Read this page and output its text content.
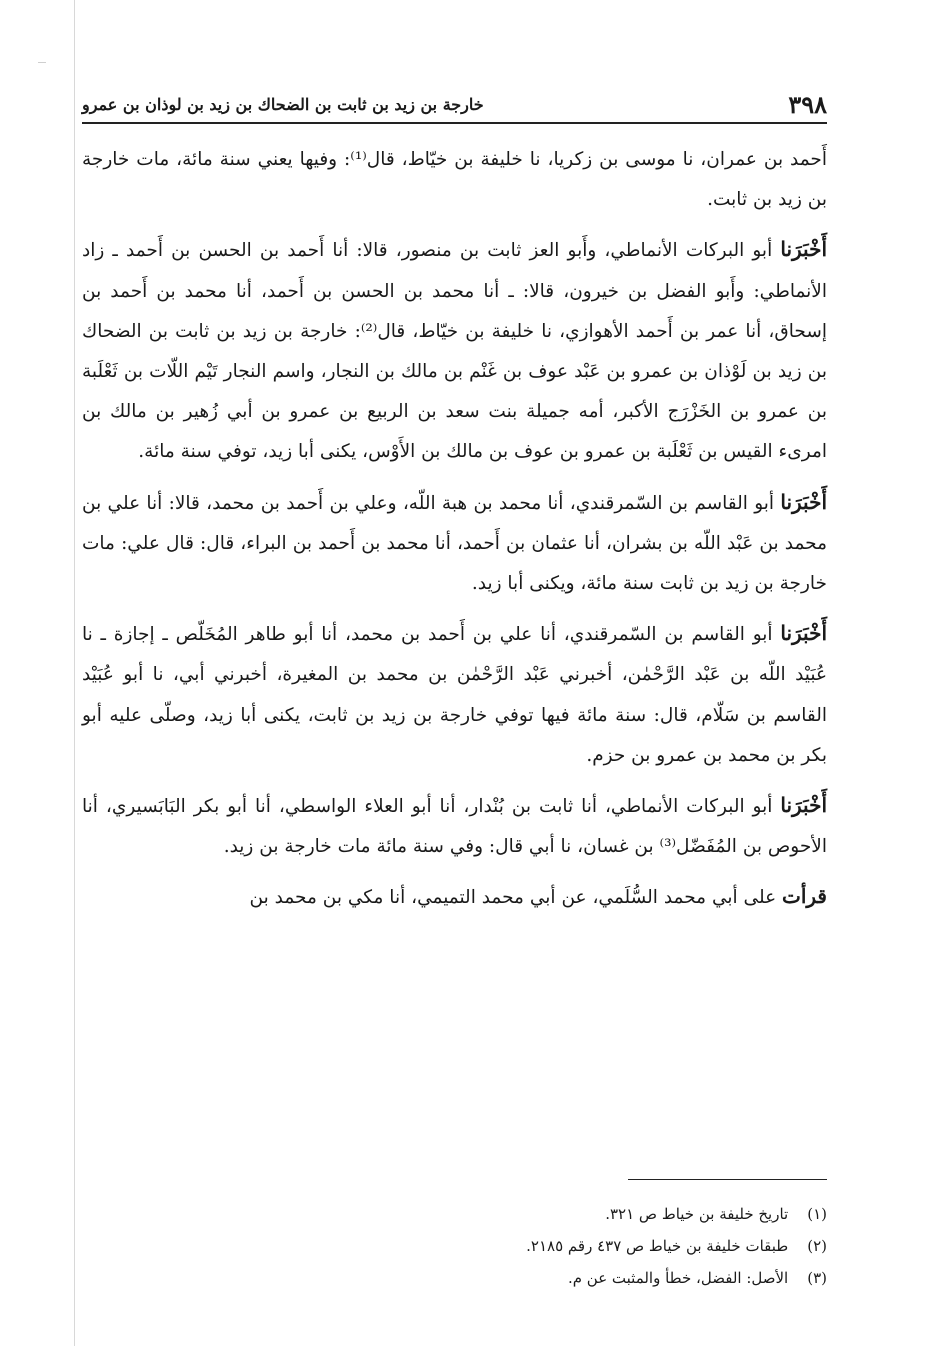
٣٩٨
خارجة بن زيد بن ثابت بن الضحاك بن زيد بن لوذان بن عمرو

أَحمد بن عمران، نا موسى بن زكريا، نا خليفة بن خيّاط، قال⁽¹⁾: وفيها يعني سنة مائة، مات خارجة بن زيد بن ثابت.

أَخْبَرَنا أبو البركات الأنماطي، وأَبو العز ثابت بن منصور، قالا: أنا أَحمد بن الحسن بن أَحمد ـ زاد الأنماطي: وأَبو الفضل بن خيرون، قالا: ـ أنا محمد بن الحسن بن أَحمد، أنا محمد بن أَحمد بن إسحاق، أنا عمر بن أَحمد الأهوازي، نا خليفة بن خيّاط، قال⁽²⁾: خارجة بن زيد بن ثابت بن الضحاك بن زيد بن لَوْذان بن عمرو بن عَبْد عوف بن غَنْم بن مالك بن النجار، واسم النجار تَيْم اللّات بن ثَعْلَبة بن عمرو بن الخَزْرَج الأكبر، أمه جميلة بنت سعد بن الربيع بن عمرو بن أبي زُهير بن مالك بن امرىء القيس بن ثَعْلَبة بن عمرو بن عوف بن مالك بن الأَوْس، يكنى أبا زيد، توفي سنة مائة.

أَخْبَرَنا أبو القاسم بن السّمرقندي، أنا محمد بن هبة اللّه، وعلي بن أَحمد بن محمد، قالا: أنا علي بن محمد بن عَبْد اللّه بن بشران، أنا عثمان بن أَحمد، أنا محمد بن أَحمد بن البراء، قال: قال علي: مات خارجة بن زيد بن ثابت سنة مائة، ويكنى أبا زيد.

أَخْبَرَنا أبو القاسم بن السّمرقندي، أنا علي بن أَحمد بن محمد، أنا أبو طاهر المُخَلّص ـ إجازة ـ نا عُبَيْد اللّه بن عَبْد الرَّحْمٰن، أخبرني عَبْد الرَّحْمٰن بن محمد بن المغيرة، أخبرني أبي، نا أبو عُبَيْد القاسم بن سَلّام، قال: سنة مائة فيها توفي خارجة بن زيد بن ثابت، يكنى أبا زيد، وصلّى عليه أبو بكر بن محمد بن عمرو بن حزم.

أَخْبَرَنا أبو البركات الأنماطي، أنا ثابت بن بُنْدار، أنا أبو العلاء الواسطي، أنا أبو بكر البَابَسيري، أنا الأحوص بن المُفَضّل⁽³⁾ بن غسان، نا أبي قال: وفي سنة مائة مات خارجة بن زيد.

قرأت على أبي محمد السُّلَمي، عن أبي محمد التميمي، أنا مكي بن محمد بن

(١) تاريخ خليفة بن خياط ص ٣٢١.

(٢) طبقات خليفة بن خياط ص ٤٣٧ رقم ٢١٨٥.

(٣) الأصل: الفضل، خطأ والمثبت عن م.
